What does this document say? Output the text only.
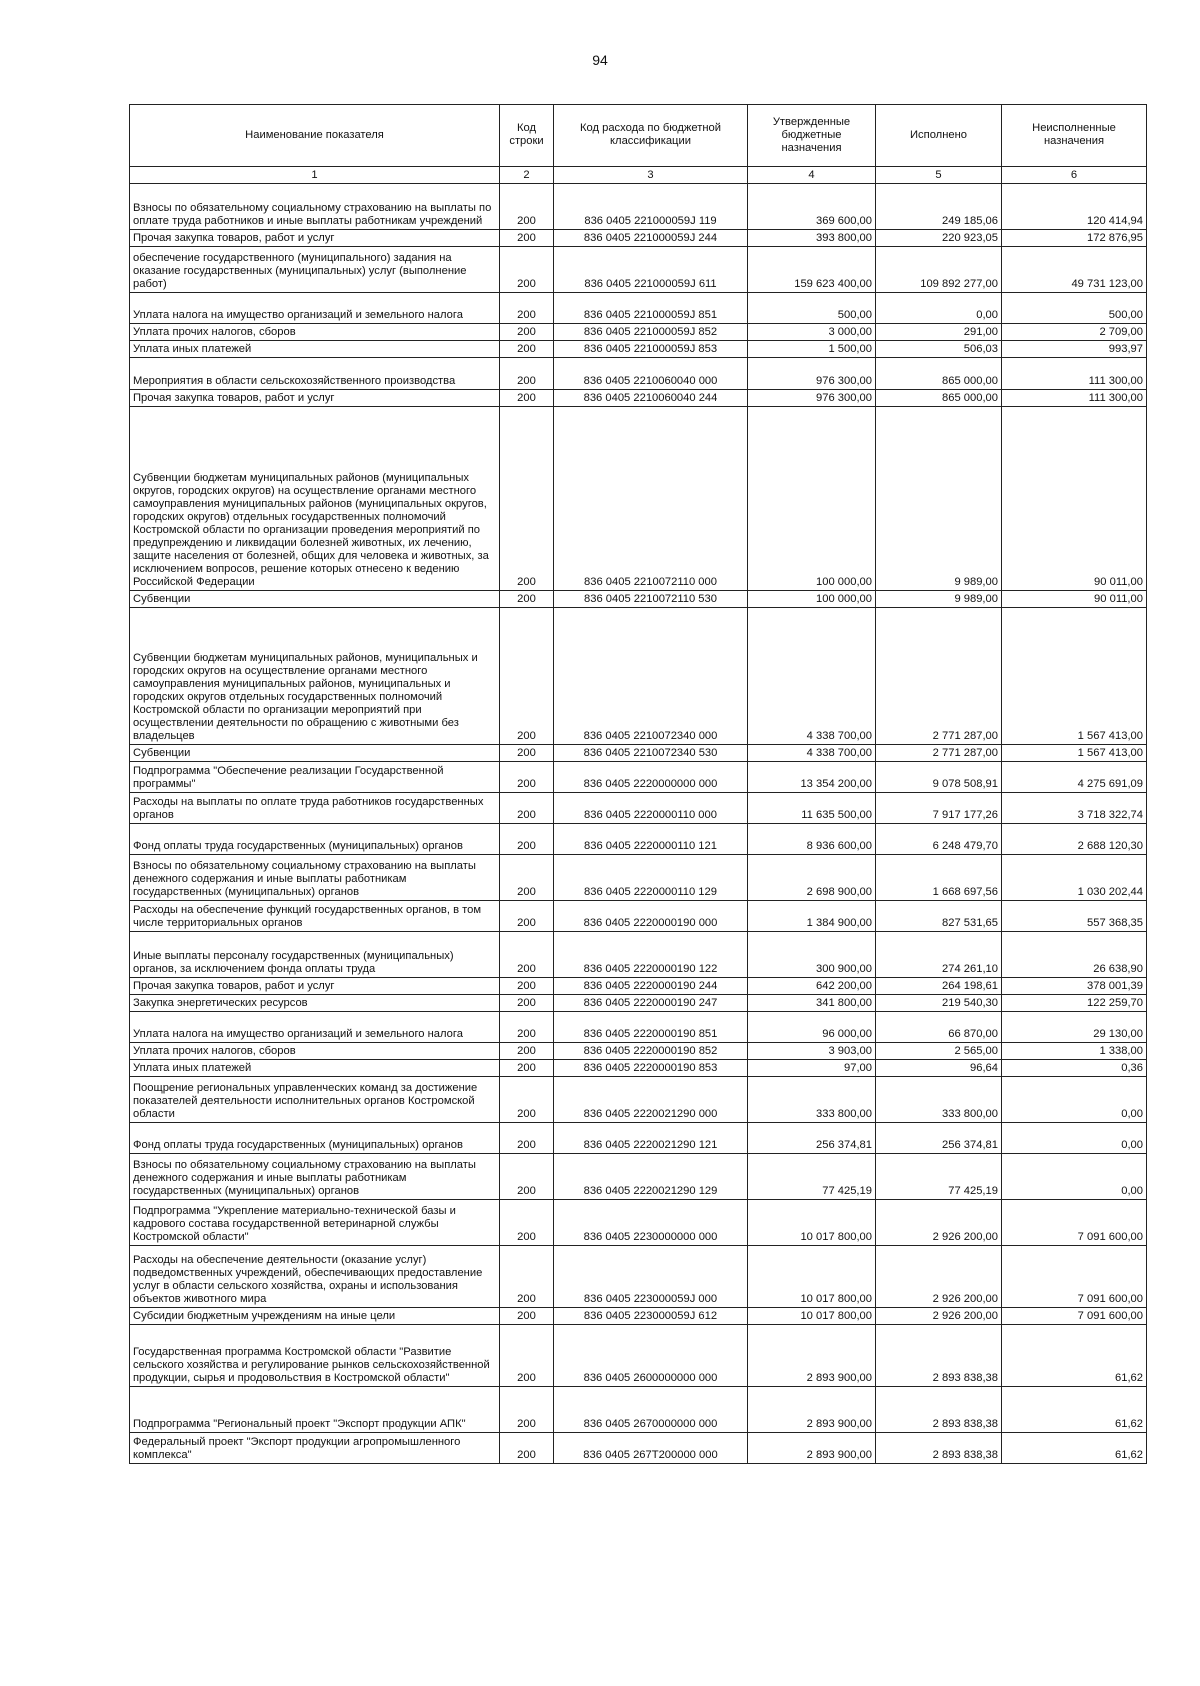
94
Наименование показателя	Код строки	Код расхода по бюджетной классификации	Утвержденные бюджетные назначения	Исполнено	Неисполненные назначения
1	2	3	4	5	6
Взносы по обязательному социальному страхованию на выплаты по оплате труда работников и иные выплаты работникам учреждений	200	836 0405 221000059J 119	369 600,00	249 185,06	120 414,94
Прочая закупка товаров, работ и услуг	200	836 0405 221000059J 244	393 800,00	220 923,05	172 876,95
обеспечение государственного (муниципального) задания на оказание государственных (муниципальных) услуг (выполнение работ)	200	836 0405 221000059J 611	159 623 400,00	109 892 277,00	49 731 123,00
Уплата налога на имущество организаций и земельного налога	200	836 0405 221000059J 851	500,00	0,00	500,00
Уплата прочих налогов, сборов	200	836 0405 221000059J 852	3 000,00	291,00	2 709,00
Уплата иных платежей	200	836 0405 221000059J 853	1 500,00	506,03	993,97
Мероприятия в области сельскохозяйственного производства	200	836 0405 2210060040 000	976 300,00	865 000,00	111 300,00
Прочая закупка товаров, работ и услуг	200	836 0405 2210060040 244	976 300,00	865 000,00	111 300,00
Субвенции бюджетам муниципальных районов (муниципальных округов, городских округов) на осуществление органами местного самоуправления муниципальных районов (муниципальных округов, городских округов) отдельных государственных полномочий Костромской области по организации проведения мероприятий по предупреждению и ликвидации болезней животных, их лечению, защите населения от болезней, общих для человека и животных, за исключением вопросов, решение которых отнесено к ведению Российской Федерации	200	836 0405 2210072110 000	100 000,00	9 989,00	90 011,00
Субвенции	200	836 0405 2210072110 530	100 000,00	9 989,00	90 011,00
Субвенции бюджетам муниципальных районов, муниципальных и городских округов на осуществление органами местного самоуправления муниципальных районов, муниципальных и городских округов отдельных государственных полномочий Костромской области по организации мероприятий при осуществлении деятельности по обращению с животными без владельцев	200	836 0405 2210072340 000	4 338 700,00	2 771 287,00	1 567 413,00
Субвенции	200	836 0405 2210072340 530	4 338 700,00	2 771 287,00	1 567 413,00
Подпрограмма "Обеспечение реализации Государственной программы"	200	836 0405 2220000000 000	13 354 200,00	9 078 508,91	4 275 691,09
Расходы на выплаты по оплате труда работников государственных органов	200	836 0405 2220000110 000	11 635 500,00	7 917 177,26	3 718 322,74
Фонд оплаты труда государственных (муниципальных) органов	200	836 0405 2220000110 121	8 936 600,00	6 248 479,70	2 688 120,30
Взносы по обязательному социальному страхованию на выплаты денежного содержания и иные выплаты работникам государственных (муниципальных) органов	200	836 0405 2220000110 129	2 698 900,00	1 668 697,56	1 030 202,44
Расходы на обеспечение функций государственных органов, в том числе территориальных органов	200	836 0405 2220000190 000	1 384 900,00	827 531,65	557 368,35
Иные выплаты персоналу государственных (муниципальных) органов, за исключением фонда оплаты труда	200	836 0405 2220000190 122	300 900,00	274 261,10	26 638,90
Прочая закупка товаров, работ и услуг	200	836 0405 2220000190 244	642 200,00	264 198,61	378 001,39
Закупка энергетических ресурсов	200	836 0405 2220000190 247	341 800,00	219 540,30	122 259,70
Уплата налога на имущество организаций и земельного налога	200	836 0405 2220000190 851	96 000,00	66 870,00	29 130,00
Уплата прочих налогов, сборов	200	836 0405 2220000190 852	3 903,00	2 565,00	1 338,00
Уплата иных платежей	200	836 0405 2220000190 853	97,00	96,64	0,36
Поощрение региональных управленческих команд за достижение показателей деятельности исполнительных органов Костромской области	200	836 0405 2220021290 000	333 800,00	333 800,00	0,00
Фонд оплаты труда государственных (муниципальных) органов	200	836 0405 2220021290 121	256 374,81	256 374,81	0,00
Взносы по обязательному социальному страхованию на выплаты денежного содержания и иные выплаты работникам государственных (муниципальных) органов	200	836 0405 2220021290 129	77 425,19	77 425,19	0,00
Подпрограмма "Укрепление материально-технической базы и кадрового состава государственной ветеринарной службы Костромской области"	200	836 0405 2230000000 000	10 017 800,00	2 926 200,00	7 091 600,00
Расходы на обеспечение деятельности (оказание услуг) подведомственных учреждений, обеспечивающих предоставление услуг в области сельского хозяйства, охраны и использования объектов животного мира	200	836 0405 223000059J 000	10 017 800,00	2 926 200,00	7 091 600,00
Субсидии бюджетным учреждениям на иные цели	200	836 0405 223000059J 612	10 017 800,00	2 926 200,00	7 091 600,00
Государственная программа Костромской области "Развитие сельского хозяйства и регулирование рынков сельскохозяйственной продукции, сырья и продовольствия в Костромской области"	200	836 0405 2600000000 000	2 893 900,00	2 893 838,38	61,62
Подпрограмма "Региональный проект "Экспорт продукции АПК"	200	836 0405 2670000000 000	2 893 900,00	2 893 838,38	61,62
Федеральный проект "Экспорт продукции агропромышленного комплекса"	200	836 0405 267T200000 000	2 893 900,00	2 893 838,38	61,62
